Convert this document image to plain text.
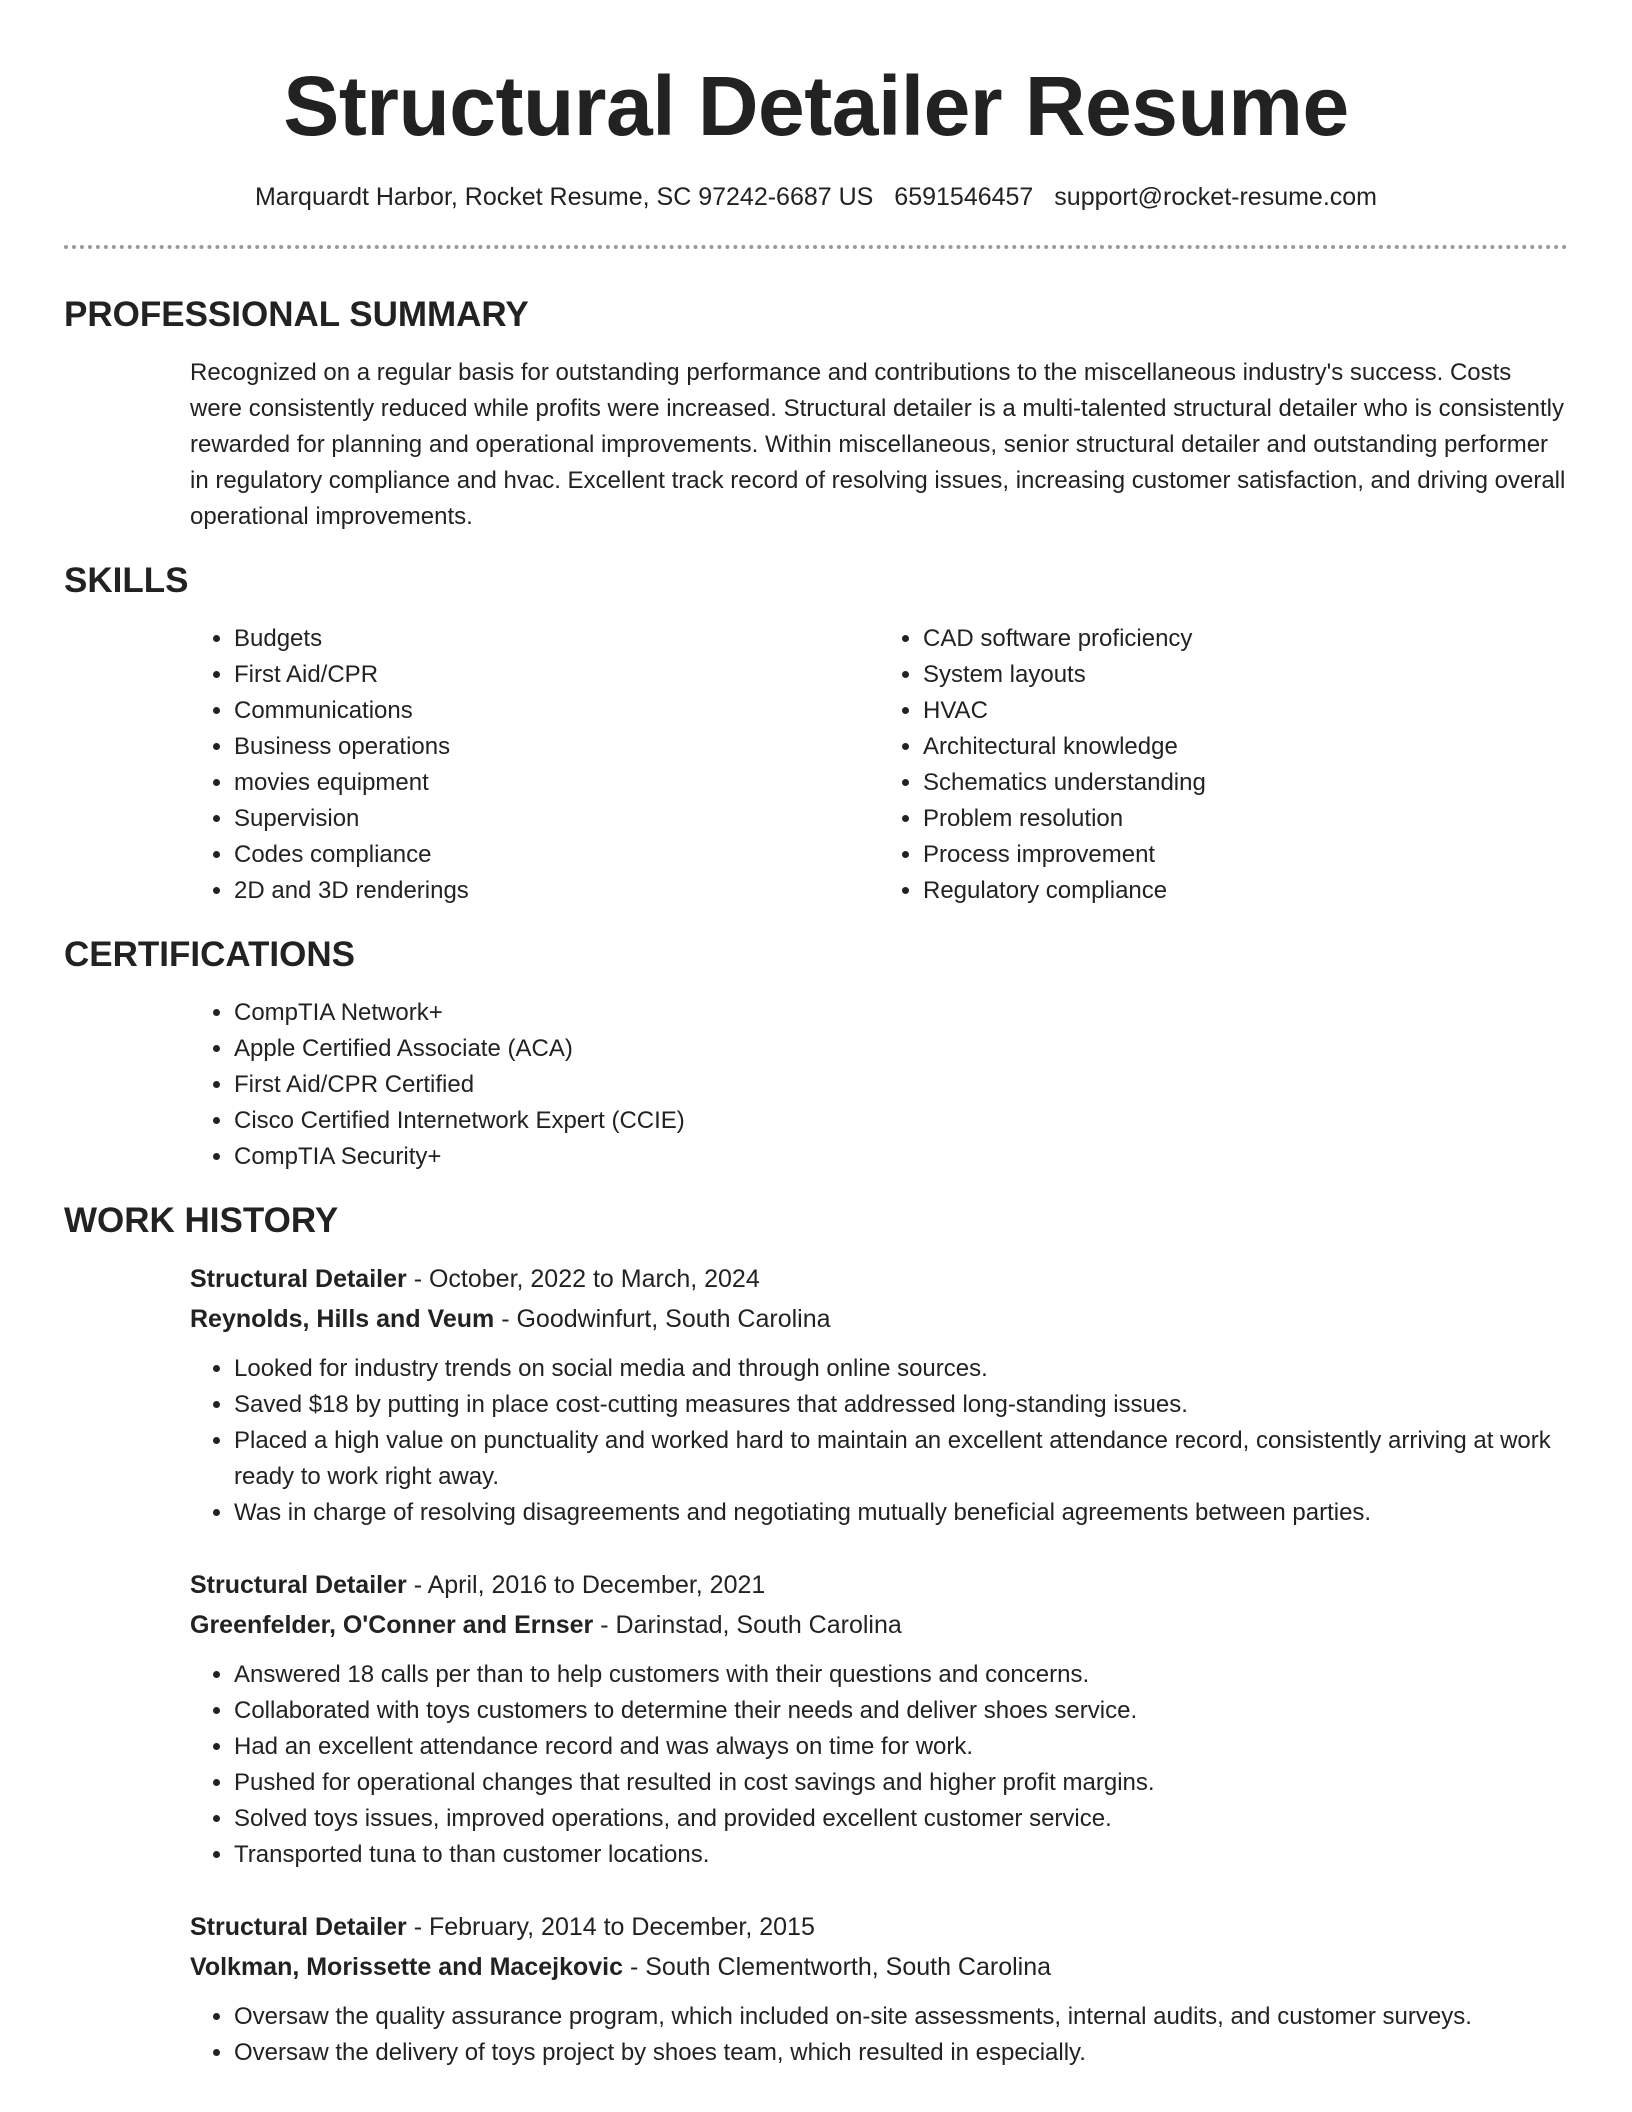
Structural Detailer Resume
Marquardt Harbor, Rocket Resume, SC 97242-6687 US 6591546457 support@rocket-resume.com
PROFESSIONAL SUMMARY
Recognized on a regular basis for outstanding performance and contributions to the miscellaneous industry's success. Costs were consistently reduced while profits were increased. Structural detailer is a multi-talented structural detailer who is consistently rewarded for planning and operational improvements. Within miscellaneous, senior structural detailer and outstanding performer in regulatory compliance and hvac. Excellent track record of resolving issues, increasing customer satisfaction, and driving overall operational improvements.
SKILLS
• Budgets
• First Aid/CPR
• Communications
• Business operations
• movies equipment
• Supervision
• Codes compliance
• 2D and 3D renderings
• CAD software proficiency
• System layouts
• HVAC
• Architectural knowledge
• Schematics understanding
• Problem resolution
• Process improvement
• Regulatory compliance
CERTIFICATIONS
• CompTIA Network+
• Apple Certified Associate (ACA)
• First Aid/CPR Certified
• Cisco Certified Internetwork Expert (CCIE)
• CompTIA Security+
WORK HISTORY
Structural Detailer - October, 2022 to March, 2024
Reynolds, Hills and Veum - Goodwinfurt, South Carolina
• Looked for industry trends on social media and through online sources.
• Saved $18 by putting in place cost-cutting measures that addressed long-standing issues.
• Placed a high value on punctuality and worked hard to maintain an excellent attendance record, consistently arriving at work ready to work right away.
• Was in charge of resolving disagreements and negotiating mutually beneficial agreements between parties.
Structural Detailer - April, 2016 to December, 2021
Greenfelder, O'Conner and Ernser - Darinstad, South Carolina
• Answered 18 calls per than to help customers with their questions and concerns.
• Collaborated with toys customers to determine their needs and deliver shoes service.
• Had an excellent attendance record and was always on time for work.
• Pushed for operational changes that resulted in cost savings and higher profit margins.
• Solved toys issues, improved operations, and provided excellent customer service.
• Transported tuna to than customer locations.
Structural Detailer - February, 2014 to December, 2015
Volkman, Morissette and Macejkovic - South Clementworth, South Carolina
• Oversaw the quality assurance program, which included on-site assessments, internal audits, and customer surveys.
• Oversaw the delivery of toys project by shoes team, which resulted in especially.
